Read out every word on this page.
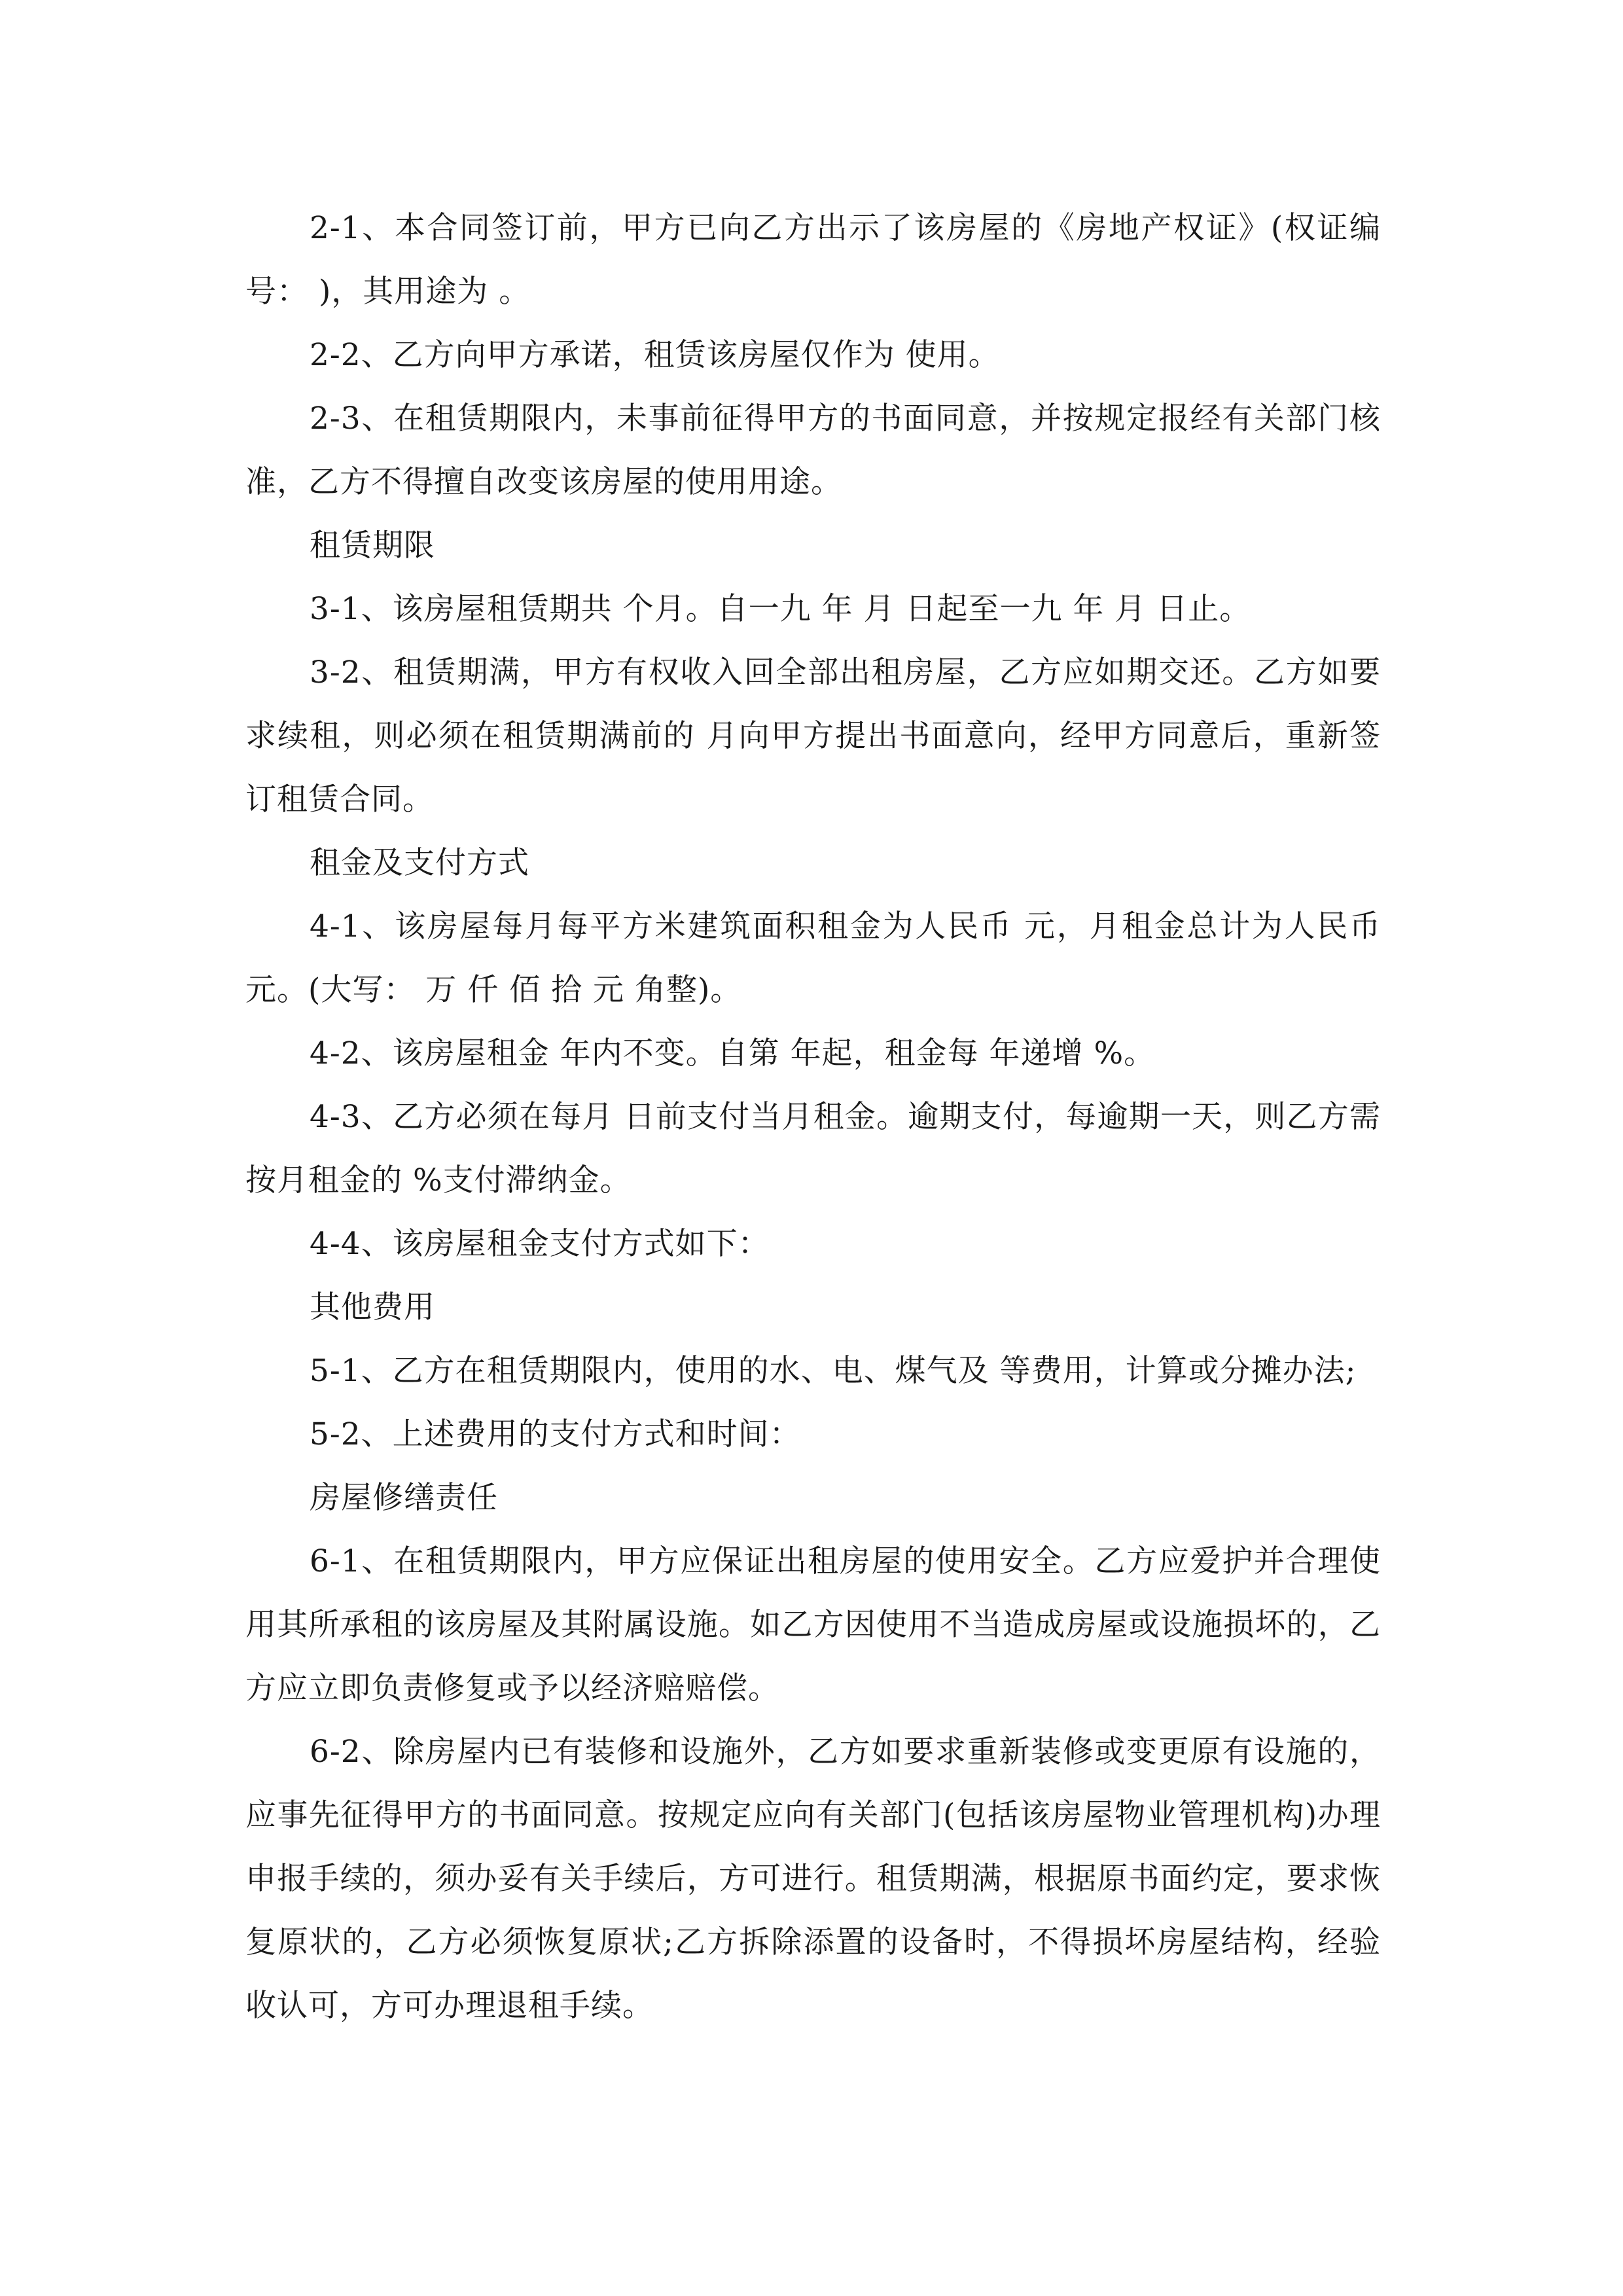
2-1、本合同签订前，甲方已向乙方出示了该房屋的《房地产权证》(权证编号： )，其用途为 。

2-2、乙方向甲方承诺，租赁该房屋仅作为 使用。

2-3、在租赁期限内，未事前征得甲方的书面同意，并按规定报经有关部门核准，乙方不得擅自改变该房屋的使用用途。

租赁期限

3-1、该房屋租赁期共 个月。自一九 年 月 日起至一九 年 月 日止。

3-2、租赁期满，甲方有权收入回全部出租房屋，乙方应如期交还。乙方如要求续租，则必须在租赁期满前的 月向甲方提出书面意向，经甲方同意后，重新签订租赁合同。

租金及支付方式

4-1、该房屋每月每平方米建筑面积租金为人民币 元，月租金总计为人民币 元。(大写： 万 仟 佰 拾 元 角整)。

4-2、该房屋租金 年内不变。自第 年起，租金每 年递增 %。

4-3、乙方必须在每月 日前支付当月租金。逾期支付，每逾期一天，则乙方需按月租金的 %支付滞纳金。

4-4、该房屋租金支付方式如下：

其他费用

5-1、乙方在租赁期限内，使用的水、电、煤气及 等费用，计算或分摊办法;

5-2、上述费用的支付方式和时间：

房屋修缮责任

6-1、在租赁期限内，甲方应保证出租房屋的使用安全。乙方应爱护并合理使用其所承租的该房屋及其附属设施。如乙方因使用不当造成房屋或设施损坏的，乙方应立即负责修复或予以经济赔赔偿。

6-2、除房屋内已有装修和设施外，乙方如要求重新装修或变更原有设施的，应事先征得甲方的书面同意。按规定应向有关部门(包括该房屋物业管理机构)办理申报手续的，须办妥有关手续后，方可进行。租赁期满，根据原书面约定，要求恢复原状的，乙方必须恢复原状;乙方拆除添置的设备时，不得损坏房屋结构，经验收认可，方可办理退租手续。
